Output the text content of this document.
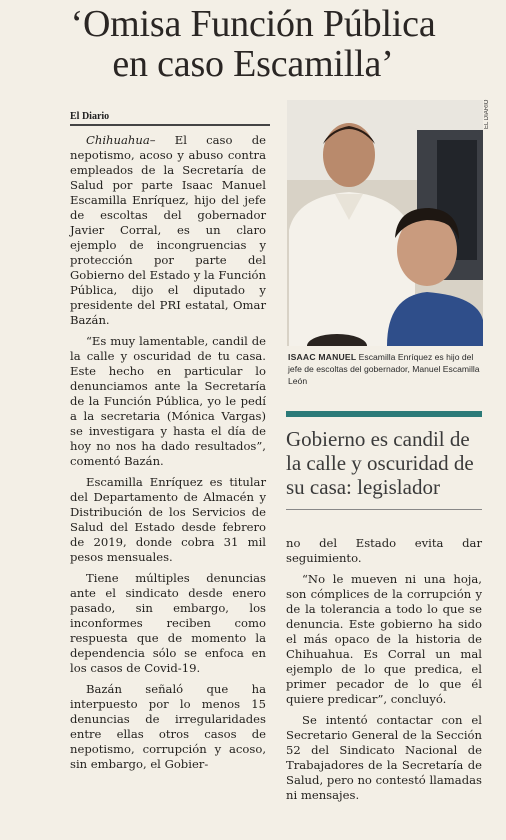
‘Omisa Función Pública
en caso Escamilla’
El Diario

Chihuahua– El caso de nepotismo, acoso y abuso contra empleados de la Secretaría de Salud por parte Isaac Manuel Escamilla Enríquez, hijo del jefe de escoltas del gobernador Javier Corral, es un claro ejemplo de incongruencias y protección por parte del Gobierno del Estado y la Función Pública, dijo el diputado y presidente del PRI estatal, Omar Bazán.

“Es muy lamentable, candil de la calle y oscuridad de tu casa. Este hecho en particular lo denunciamos ante la Secretaría de la Función Pública, yo le pedí a la secretaria (Mónica Vargas) se investigara y hasta el día de hoy no nos ha dado resultados”, comentó Bazán.

Escamilla Enríquez es titular del Departamento de Almacén y Distribución de los Servicios de Salud del Estado desde febrero de 2019, donde cobra 31 mil pesos mensuales.

Tiene múltiples denuncias ante el sindicato desde enero pasado, sin embargo, los inconformes reciben como respuesta que de momento la dependencia sólo se enfoca en los casos de Covid-19.

Bazán señaló que ha interpuesto por lo menos 15 denuncias de irregularidades entre ellas otros casos de nepotismo, corrupción y acoso, sin embargo, el Gobier-

EL DIARIO
ISAAC MANUEL Escamilla Enríquez es hijo del jefe de escoltas del gobernador, Manuel Escamilla León
Gobierno es candil de la calle y oscuridad de su casa: legislador

no del Estado evita dar seguimiento.

“No le mueven ni una hoja, son cómplices de la corrupción y de la tolerancia a todo lo que se denuncia. Este gobierno ha sido el más opaco de la historia de Chihuahua. Es Corral un mal ejemplo de lo que predica, el primer pecador de lo que él quiere predicar”, concluyó.

Se intentó contactar con el Secretario General de la Sección 52 del Sindicato Nacional de Trabajadores de la Secretaría de Salud, pero no contestó llamadas ni mensajes.
